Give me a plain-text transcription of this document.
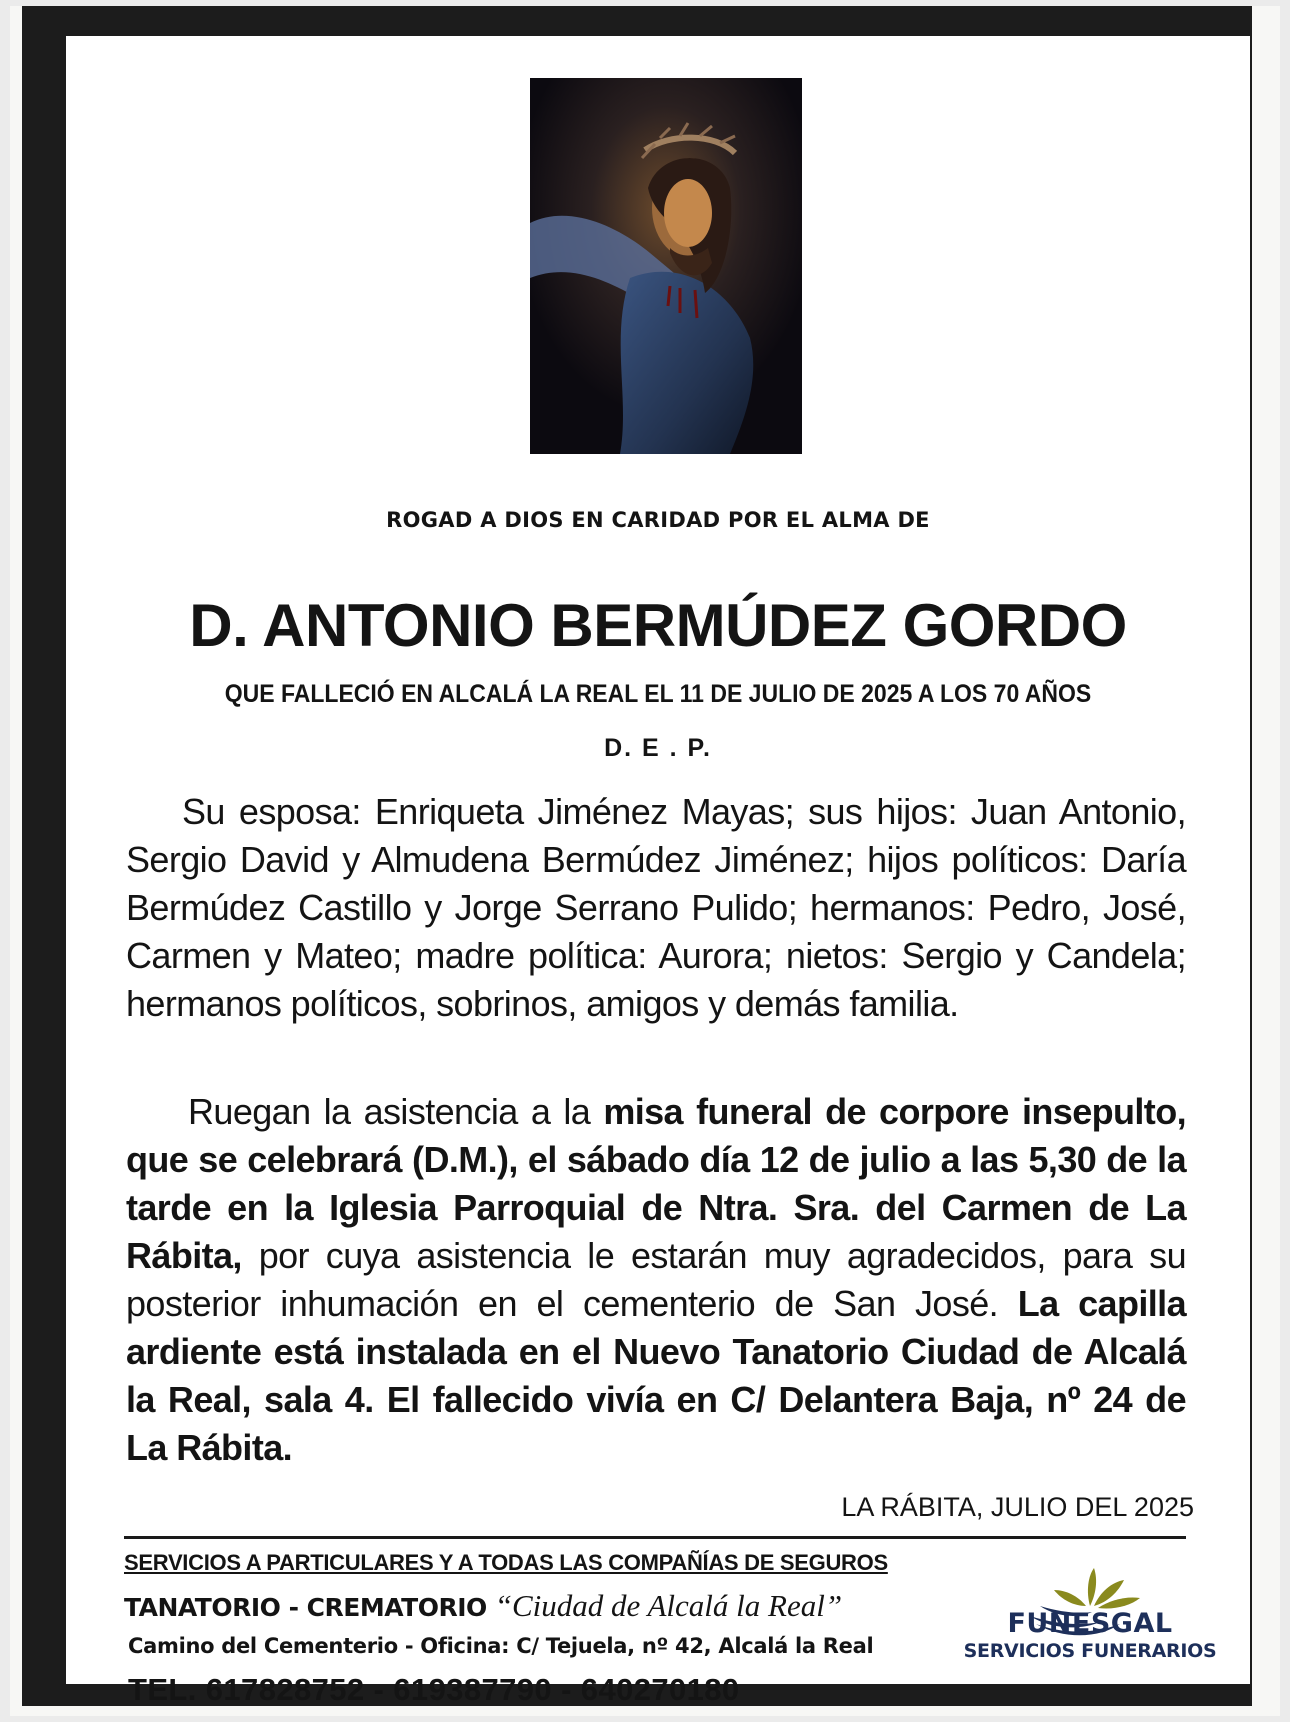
ROGAD A DIOS EN CARIDAD POR EL ALMA DE
D. ANTONIO BERMÚDEZ GORDO
QUE FALLECIÓ EN ALCALÁ LA REAL EL 11 DE JULIO DE 2025 A LOS 70 AÑOS
D. E . P.
Su esposa: Enriqueta Jiménez Mayas; sus hijos: Juan Antonio, Sergio David y Almudena Bermúdez Jiménez; hijos políticos: Daría Bermúdez Castillo y Jorge Serrano Pulido; hermanos: Pedro, José, Carmen y Mateo; madre política: Aurora; nietos: Sergio y Candela; hermanos políticos, sobrinos, amigos y demás familia.
Ruegan la asistencia a la misa funeral de corpore insepulto, que se celebrará (D.M.), el sábado día 12 de julio a las 5,30 de la tarde en la Iglesia Parroquial de Ntra. Sra. del Carmen de La Rábita, por cuya asistencia le estarán muy agradecidos, para su posterior inhumación en el cementerio de San José. La capilla ardiente está instalada en el Nuevo Tanatorio Ciudad de Alcalá la Real, sala 4. El fallecido vivía en C/ Delantera Baja, nº 24 de La Rábita.
LA RÁBITA, JULIO DEL 2025
SERVICIOS A PARTICULARES Y A TODAS LAS COMPAÑÍAS DE SEGUROS
TANATORIO - CREMATORIO “Ciudad de Alcalá la Real”
Camino del Cementerio - Oficina: C/ Tejuela, nº 42, Alcalá la Real
TEL. 617828752 - 619387790 - 640270180
FUNESGAL
SERVICIOS FUNERARIOS
